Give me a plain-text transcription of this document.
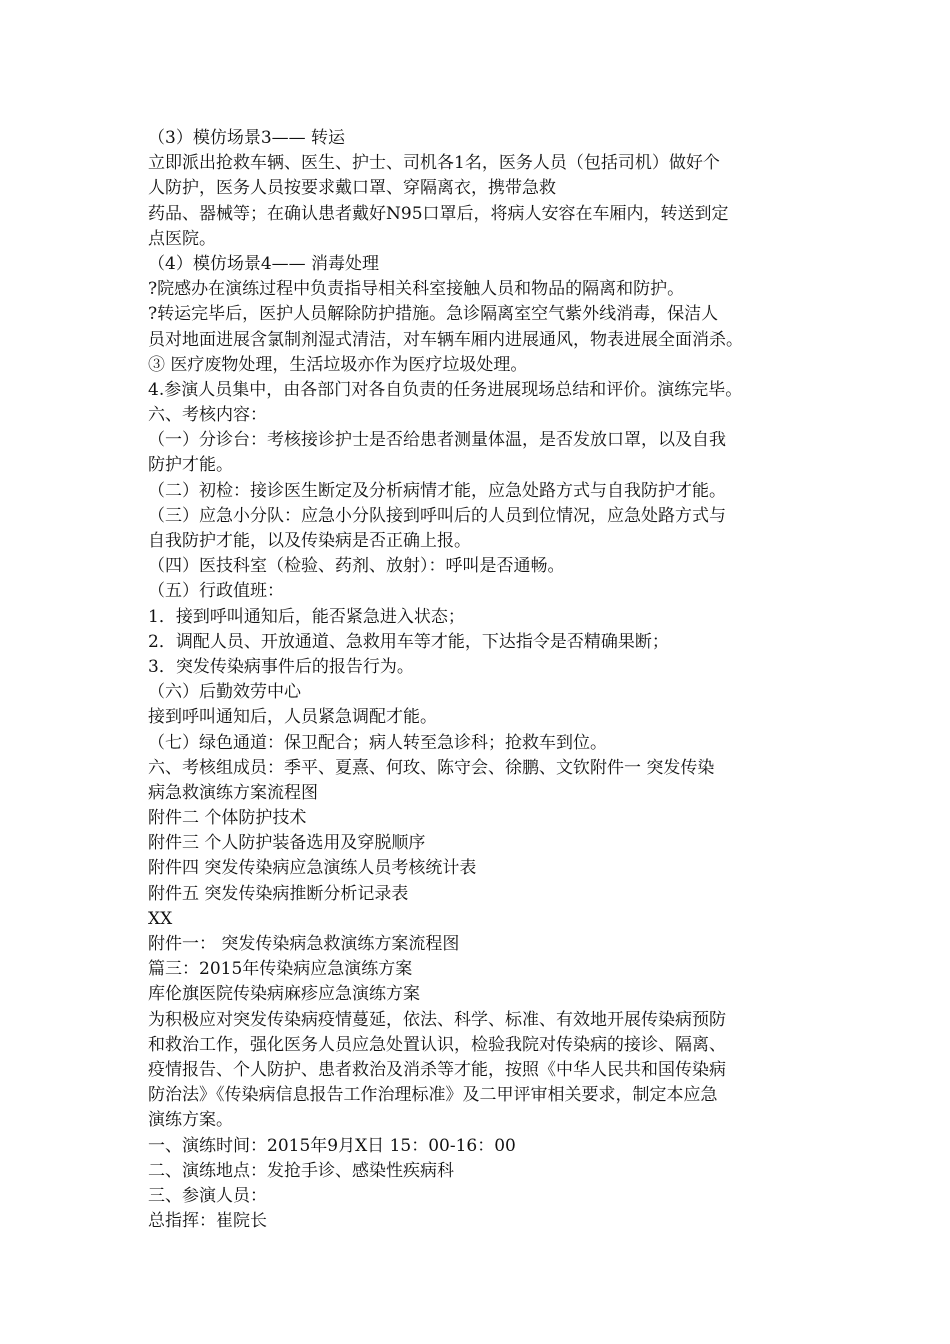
（3）模仿场景3—— 转运
立即派出抢救车辆、医生、护士、司机各1名，医务人员（包括司机）做好个
人防护，医务人员按要求戴口罩、穿隔离衣，携带急救
药品、器械等；在确认患者戴好N95口罩后，将病人安容在车厢内，转送到定
点医院。
（4）模仿场景4—— 消毒处理
?院感办在演练过程中负责指导相关科室接触人员和物品的隔离和防护。
?转运完毕后，医护人员解除防护措施。急诊隔离室空气紫外线消毒，保洁人
员对地面进展含氯制剂湿式清洁，对车辆车厢内进展通风，物表进展全面消杀。
③ 医疗废物处理，生活垃圾亦作为医疗垃圾处理。
4.参演人员集中，由各部门对各自负责的任务进展现场总结和评价。演练完毕。
六、考核内容：
（一）分诊台：考核接诊护士是否给患者测量体温，是否发放口罩，以及自我
防护才能。
（二）初检：接诊医生断定及分析病情才能，应急处路方式与自我防护才能。
（三）应急小分队：应急小分队接到呼叫后的人员到位情况，应急处路方式与
自我防护才能，以及传染病是否正确上报。
（四）医技科室（检验、药剂、放射）：呼叫是否通畅。
（五）行政值班：
1．接到呼叫通知后，能否紧急进入状态；
2．调配人员、开放通道、急救用车等才能，下达指令是否精确果断；
3．突发传染病事件后的报告行为。
（六）后勤效劳中心
接到呼叫通知后，人员紧急调配才能。
（七）绿色通道：保卫配合；病人转至急诊科；抢救车到位。
六、考核组成员：季平、夏熹、何玫、陈守会、徐鹏、文钦附件一 突发传染
病急救演练方案流程图
附件二 个体防护技术
附件三 个人防护装备选用及穿脱顺序
附件四 突发传染病应急演练人员考核统计表
附件五 突发传染病推断分析记录表
XX
附件一： 突发传染病急救演练方案流程图
篇三：2015年传染病应急演练方案
库伦旗医院传染病麻疹应急演练方案
为积极应对突发传染病疫情蔓延，依法、科学、标准、有效地开展传染病预防
和救治工作，强化医务人员应急处置认识，检验我院对传染病的接诊、隔离、
疫情报告、个人防护、患者救治及消杀等才能，按照《中华人民共和国传染病
防治法》《传染病信息报告工作治理标准》及二甲评审相关要求，制定本应急
演练方案。
一、演练时间：2015年9月X日 15：00-16：00
二、演练地点：发抢手诊、感染性疾病科
三、参演人员：
总指挥：崔院长
